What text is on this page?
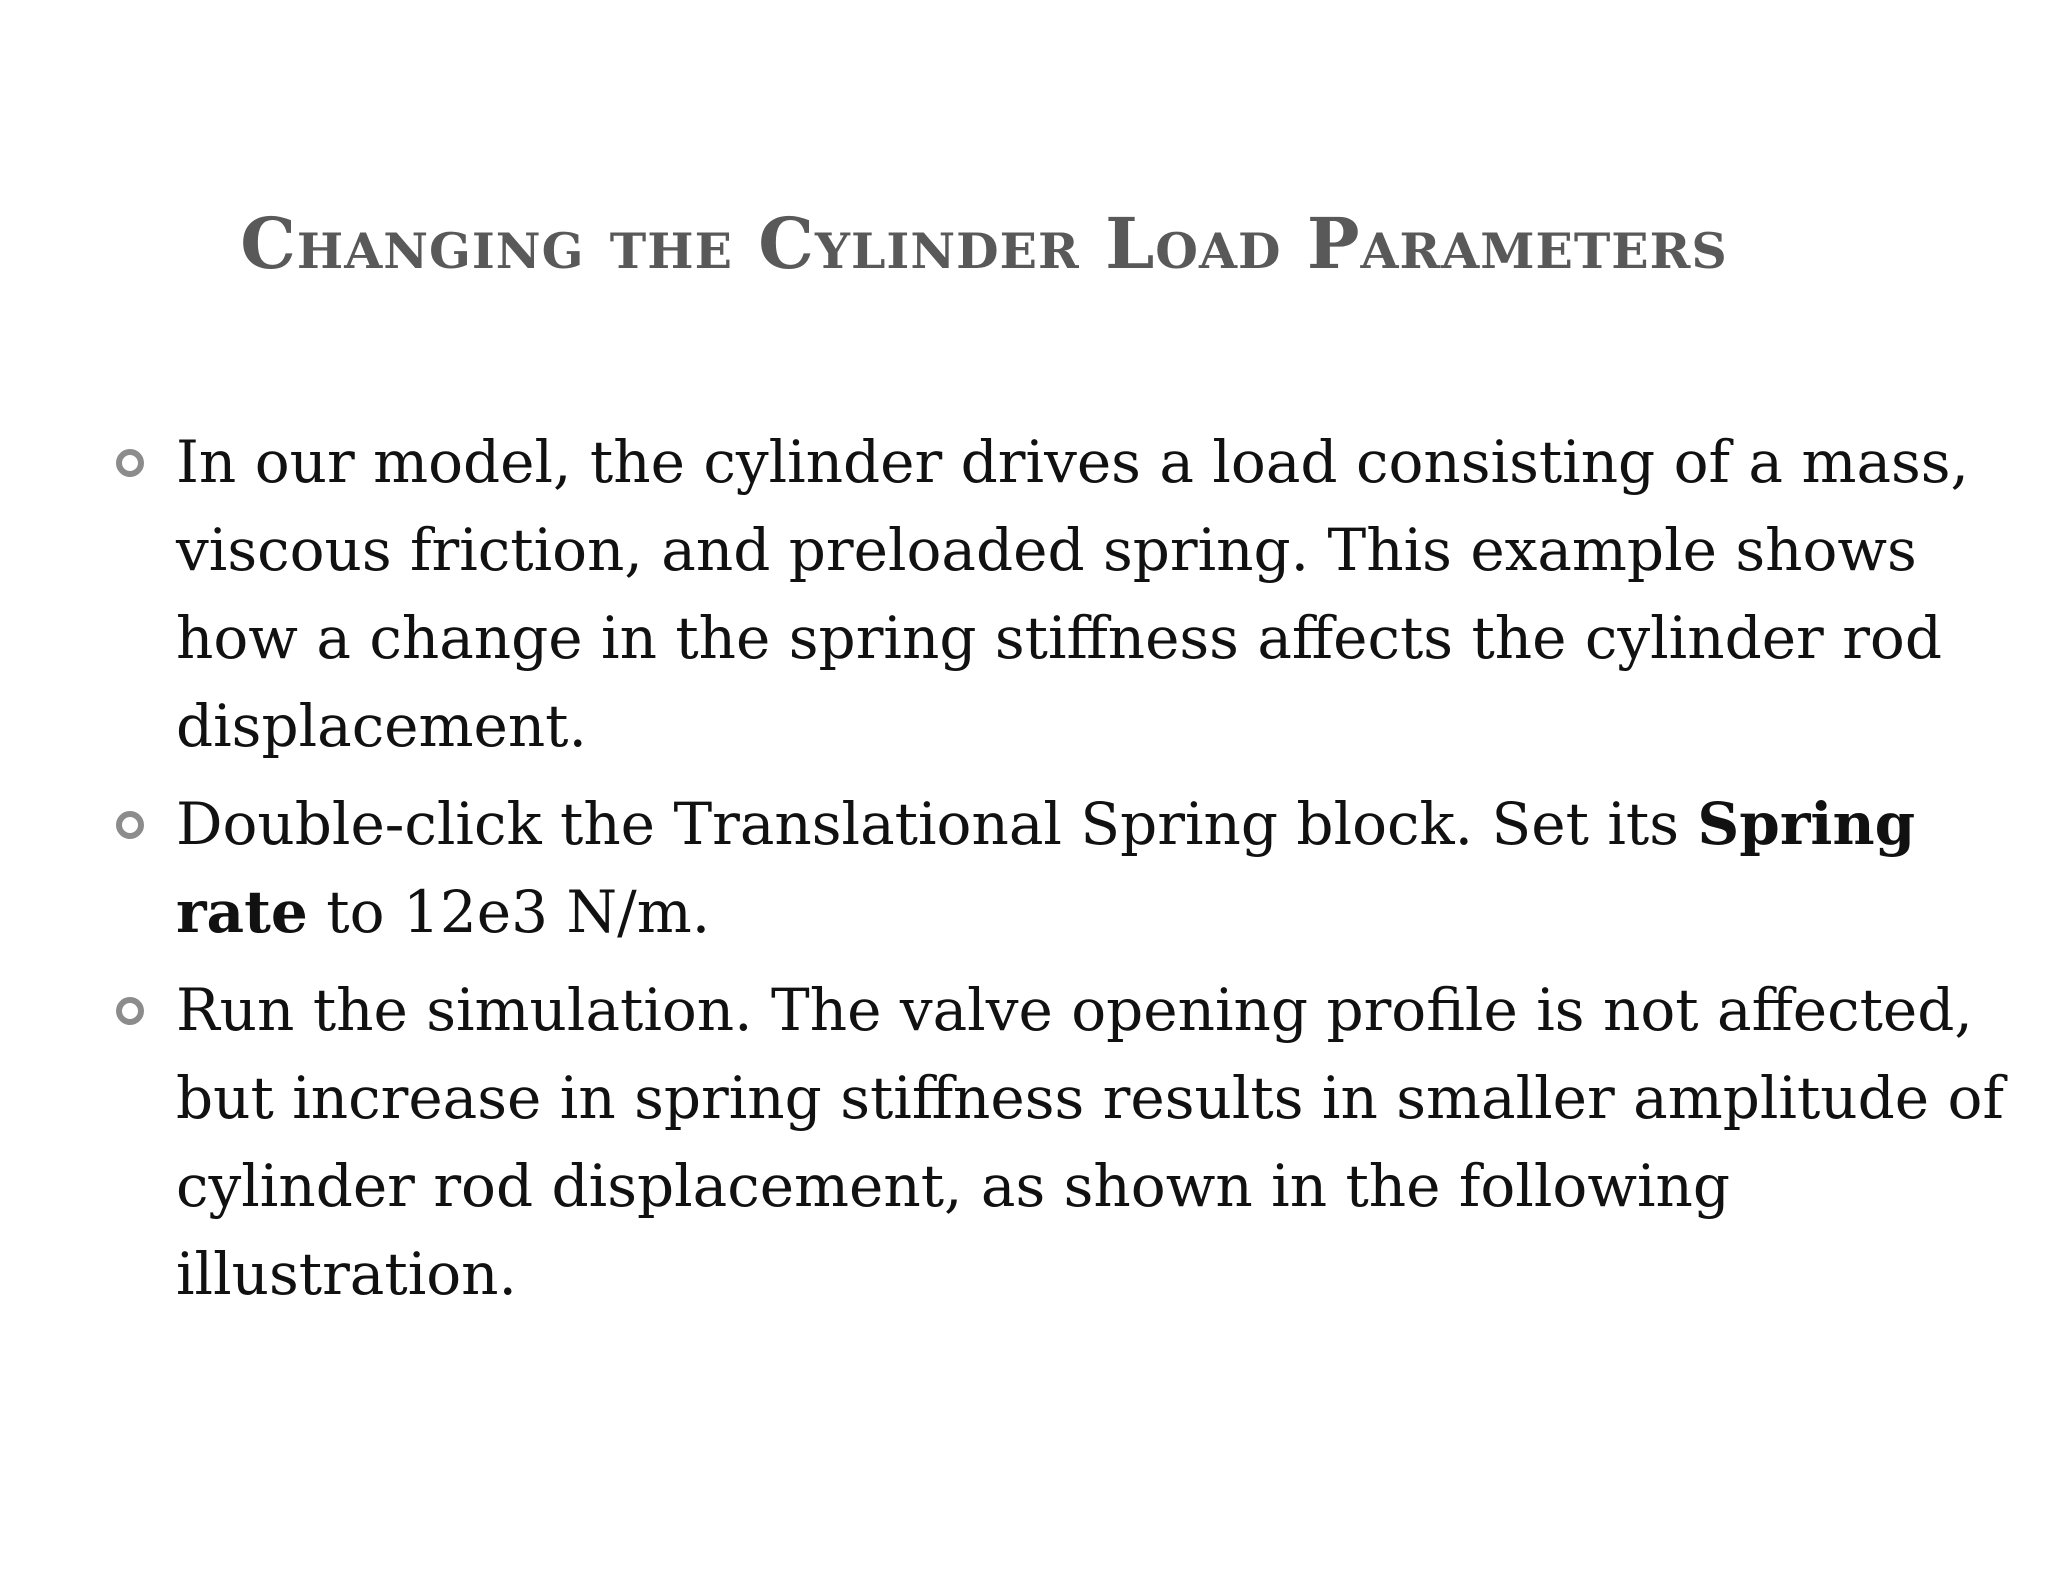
Changing the Cylinder Load Parameters
In our model, the cylinder drives a load consisting of a mass, viscous friction, and preloaded spring. This example shows how a change in the spring stiffness affects the cylinder rod displacement.
Double-click the Translational Spring block. Set its Spring rate to 12e3 N/m.
Run the simulation. The valve opening profile is not affected, but increase in spring stiffness results in smaller amplitude of cylinder rod displacement, as shown in the following illustration.
